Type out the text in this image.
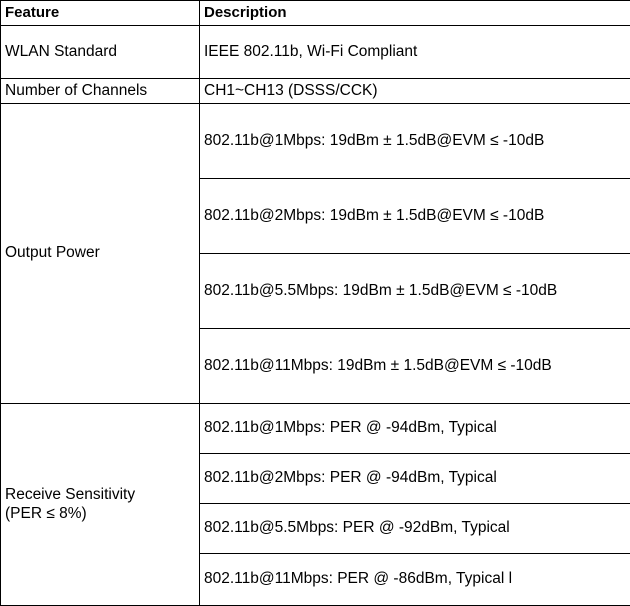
Feature	Description
WLAN Standard	IEEE 802.11b, Wi-Fi Compliant
Number of Channels	CH1~CH13 (DSSS/CCK)
Output Power	802.11b@1Mbps: 19dBm ± 1.5dB@EVM ≤ -10dB
	802.11b@2Mbps: 19dBm ± 1.5dB@EVM ≤ -10dB
	802.11b@5.5Mbps: 19dBm ± 1.5dB@EVM ≤ -10dB
	802.11b@11Mbps: 19dBm ± 1.5dB@EVM ≤ -10dB

Receive Sensitivity
(PER ≤ 8%)	802.11b@1Mbps: PER @ -94dBm, Typical
	802.11b@2Mbps: PER @ -94dBm, Typical
	802.11b@5.5Mbps: PER @ -92dBm, Typical
	802.11b@11Mbps: PER @ -86dBm, Typical l
